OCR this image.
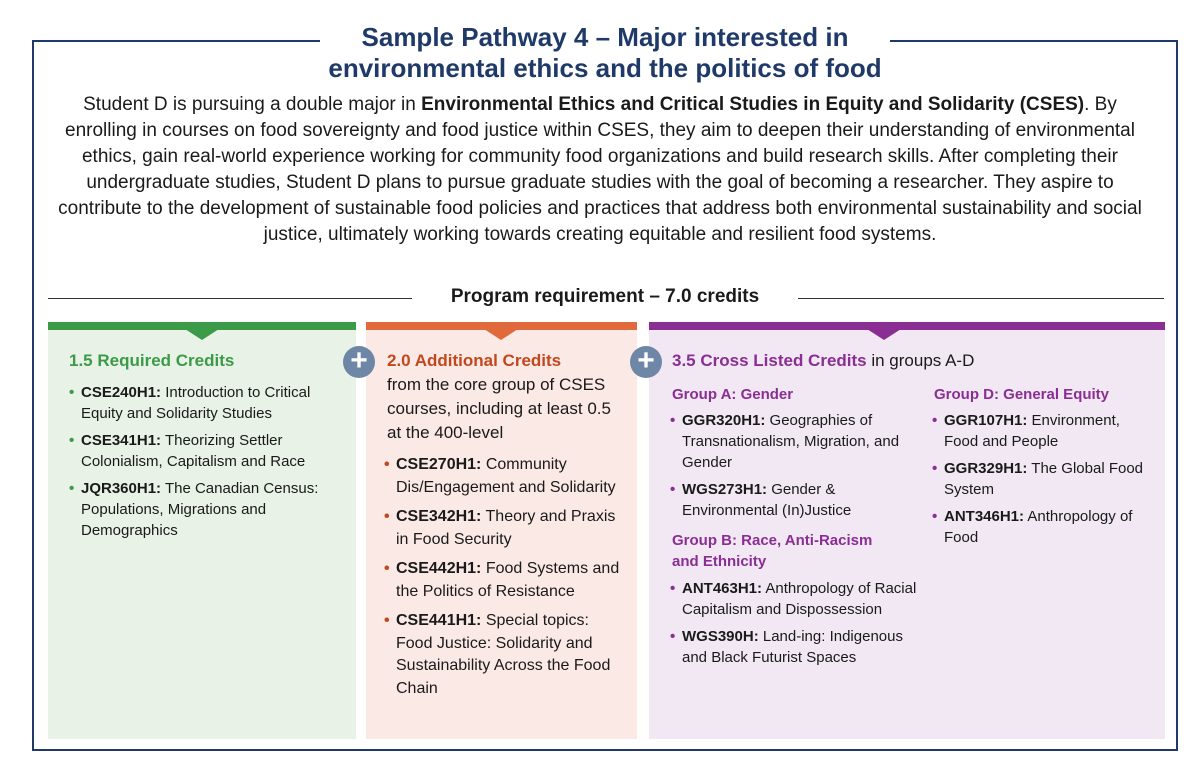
Sample Pathway 4 – Major interested in
environmental ethics and the politics of food

Student D is pursuing a double major in Environmental Ethics and Critical Studies in Equity and Solidarity (CSES). By enrolling in courses on food sovereignty and food justice within CSES, they aim to deepen their understanding of environmental ethics, gain real-world experience working for community food organizations and build research skills. After completing their undergraduate studies, Student D plans to pursue graduate studies with the goal of becoming a researcher. They aspire to contribute to the development of sustainable food policies and practices that address both environmental sustainability and social justice, ultimately working towards creating equitable and resilient food systems.

Program requirement – 7.0 credits
1.5 Required Credits
• CSE240H1: Introduction to Critical Equity and Solidarity Studies
• CSE341H1: Theorizing Settler Colonialism, Capitalism and Race
• JQR360H1: The Canadian Census: Populations, Migrations and Demographics
+	2.0 Additional Credits

from the core group of CSES courses, including at least 0.5 at the 400-level

• CSE270H1: Community Dis/Engagement and Solidarity
• CSE342H1: Theory and Praxis in Food Security
• CSE442H1: Food Systems and the Politics of Resistance
• CSE441H1: Special topics: Food Justice: Solidarity and Sustainability Across the Food Chain
+	3.5 Cross Listed Credits in groups A-D
Group A: Gender
• GGR320H1: Geographies of Transnationalism, Migration, and Gender
• WGS273H1: Gender & Environmental (In)Justice
Group B: Race, Anti-Racism and Ethnicity
• ANT463H1: Anthropology of Racial Capitalism and Dispossession
• WGS390H: Land-ing: Indigenous and Black Futurist Spaces
Group D: General Equity
• GGR107H1: Environment, Food and People
• GGR329H1: The Global Food System
• ANT346H1: Anthropology of Food
